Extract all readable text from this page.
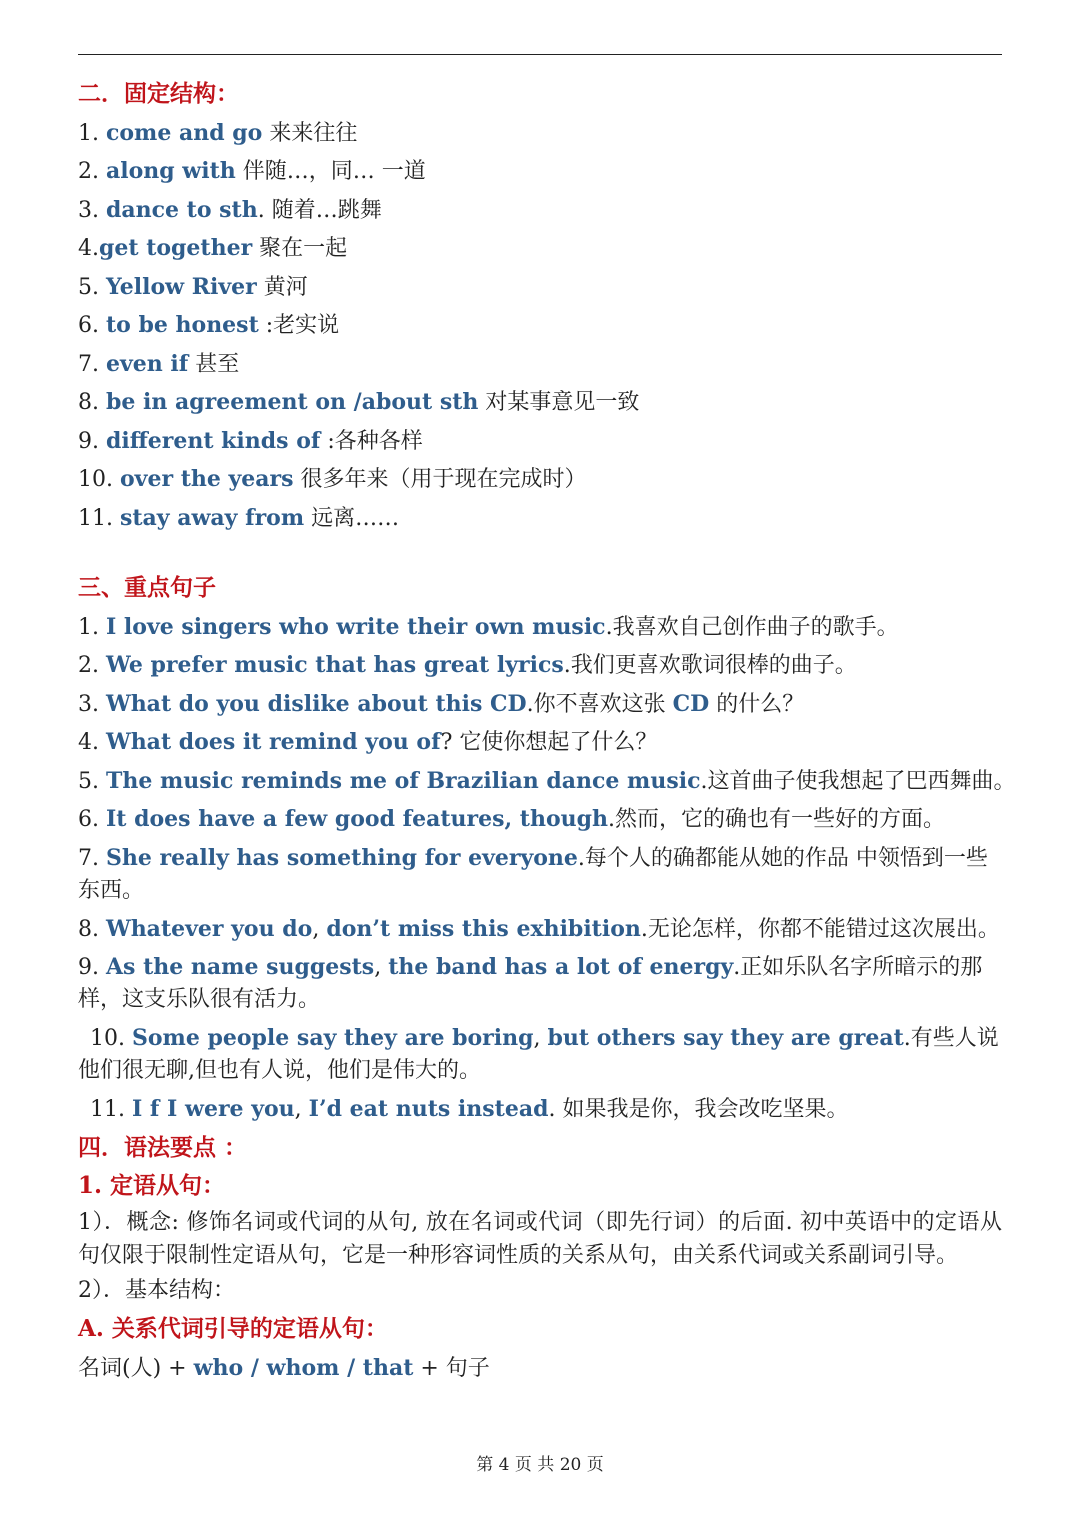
二．固定结构：
1. come and go 来来往往
2. along with 伴随…，同… 一道
3. dance to sth. 随着…跳舞
4.get together 聚在一起
5. Yellow River 黄河
6. to be honest :老实说
7. even if 甚至
8. be in agreement on /about sth 对某事意见一致
9. different kinds of :各种各样
10. over the years 很多年来（用于现在完成时）
11. stay away from 远离……
三、重点句子
1. I love singers who write their own music.我喜欢自己创作曲子的歌手。
2. We prefer music that has great lyrics.我们更喜欢歌词很棒的曲子。
3. What do you dislike about this CD.你不喜欢这张 CD 的什么？
4. What does it remind you of? 它使你想起了什么？
5. The music reminds me of Brazilian dance music.这首曲子使我想起了巴西舞曲。
6. It does have a few good features, though.然而，它的确也有一些好的方面。
7. She really has something for everyone.每个人的确都能从她的作品 中领悟到一些东西。
8. Whatever you do, don’t miss this exhibition.无论怎样，你都不能错过这次展出。
9. As the name suggests, the band has a lot of energy.正如乐队名字所暗示的那样，这支乐队很有活力。
10. Some people say they are boring, but others say they are great.有些人说他们很无聊,但也有人说，他们是伟大的。
11. I f I were you, I’d eat nuts instead. 如果我是你，我会改吃坚果。
四．语法要点 ：
1. 定语从句：
1）．概念: 修饰名词或代词的从句, 放在名词或代词（即先行词）的后面. 初中英语中的定语从句仅限于限制性定语从句，它是一种形容词性质的关系从句，由关系代词或关系副词引导。
2）．基本结构：
A. 关系代词引导的定语从句：
名词(人) + who / whom / that + 句子
第 4 页 共 20 页
